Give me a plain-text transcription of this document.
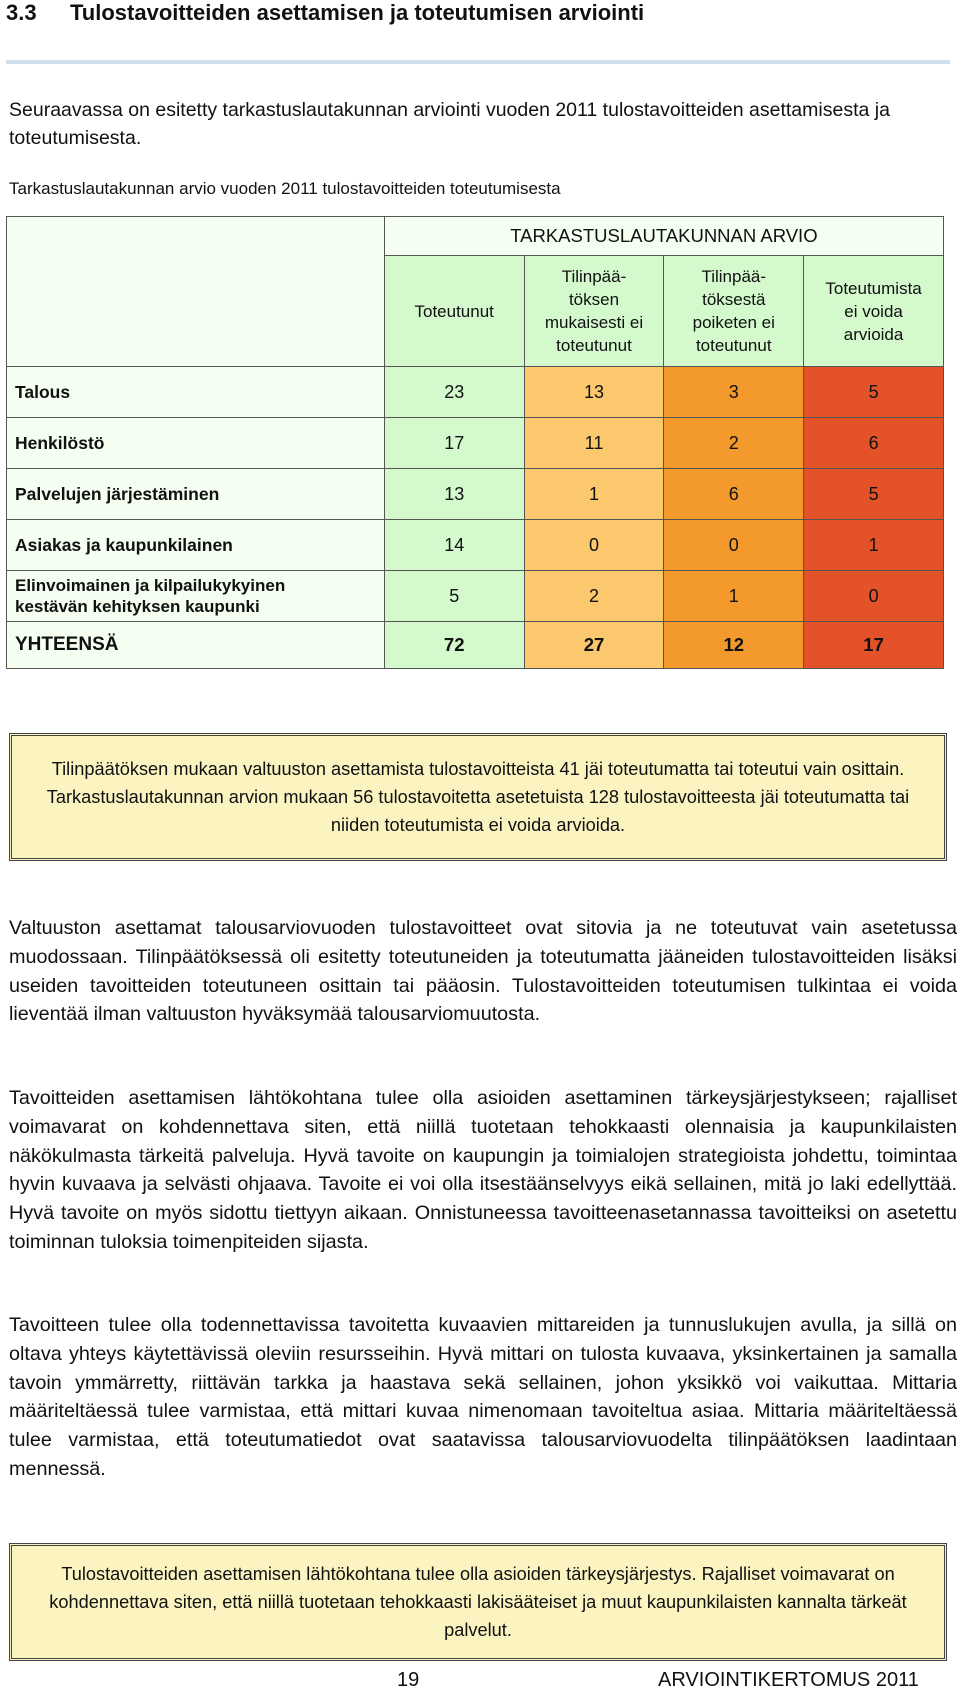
3.3 Tulostavoitteiden asettamisen ja toteutumisen arviointi
Seuraavassa on esitetty tarkastuslautakunnan arviointi vuoden 2011 tulostavoitteiden asettamisesta ja toteutumisesta.
Tarkastuslautakunnan arvio vuoden 2011 tulostavoitteiden toteutumisesta
	TARKASTUSLAUTAKUNNAN ARVIO			
	Toteutunut	Tilinpää-
töksen
mukaisesti ei
toteutunut	Tilinpää-
töksestä
poiketen ei
toteutunut	Toteutumista
ei voida
arvioida
Talous	23	13	3	5
Henkilöstö	17	11	2	6
Palvelujen järjestäminen	13	1	6	5
Asiakas ja kaupunkilainen	14	0	0	1

Elinvoimainen ja kilpailukykyinen kestävän kehityksen kaupunki	5	2	1	0
YHTEENSÄ	72	27	12	17
Tilinpäätöksen mukaan valtuuston asettamista tulostavoitteista 41 jäi toteutumatta tai toteutui vain osittain. Tarkastuslautakunnan arvion mukaan 56 tulostavoitetta asetetuista 128 tulostavoitteesta jäi toteutumatta tai niiden toteutumista ei voida arvioida.
Valtuuston asettamat talousarviovuoden tulostavoitteet ovat sitovia ja ne toteutuvat vain asetetussa muodossaan. Tilinpäätöksessä oli esitetty toteutuneiden ja toteutumatta jääneiden tulostavoitteiden lisäksi useiden tavoitteiden toteutuneen osittain tai pääosin. Tulostavoitteiden toteutumisen tulkintaa ei voida lieventää ilman valtuuston hyväksymää talousarviomuutosta.
Tavoitteiden asettamisen lähtökohtana tulee olla asioiden asettaminen tärkeysjärjestykseen; rajalliset voimavarat on kohdennettava siten, että niillä tuotetaan tehokkaasti olennaisia ja kaupunkilaisten näkökulmasta tärkeitä palveluja. Hyvä tavoite on kaupungin ja toimialojen strategioista johdettu, toimintaa hyvin kuvaava ja selvästi ohjaava. Tavoite ei voi olla itsestäänselvyys eikä sellainen, mitä jo laki edellyttää. Hyvä tavoite on myös sidottu tiettyyn aikaan. Onnistuneessa tavoitteenasetannassa tavoitteiksi on asetettu toiminnan tuloksia toimenpiteiden sijasta.
Tavoitteen tulee olla todennettavissa tavoitetta kuvaavien mittareiden ja tunnuslukujen avulla, ja sillä on oltava yhteys käytettävissä oleviin resursseihin. Hyvä mittari on tulosta kuvaava, yksinkertainen ja samalla tavoin ymmärretty, riittävän tarkka ja haastava sekä sellainen, johon yksikkö voi vaikuttaa. Mittaria määriteltäessä tulee varmistaa, että mittari kuvaa nimenomaan tavoiteltua asiaa. Mittaria määriteltäessä tulee varmistaa, että toteutumatiedot ovat saatavissa talousarviovuodelta tilinpäätöksen laadintaan mennessä.
Tulostavoitteiden asettamisen lähtökohtana tulee olla asioiden tärkeysjärjestys. Rajalliset voimavarat on kohdennettava siten, että niillä tuotetaan tehokkaasti lakisääteiset ja muut kaupunkilaisten kannalta tärkeät palvelut.
19	ARVIOINTIKERTOMUS 2011
